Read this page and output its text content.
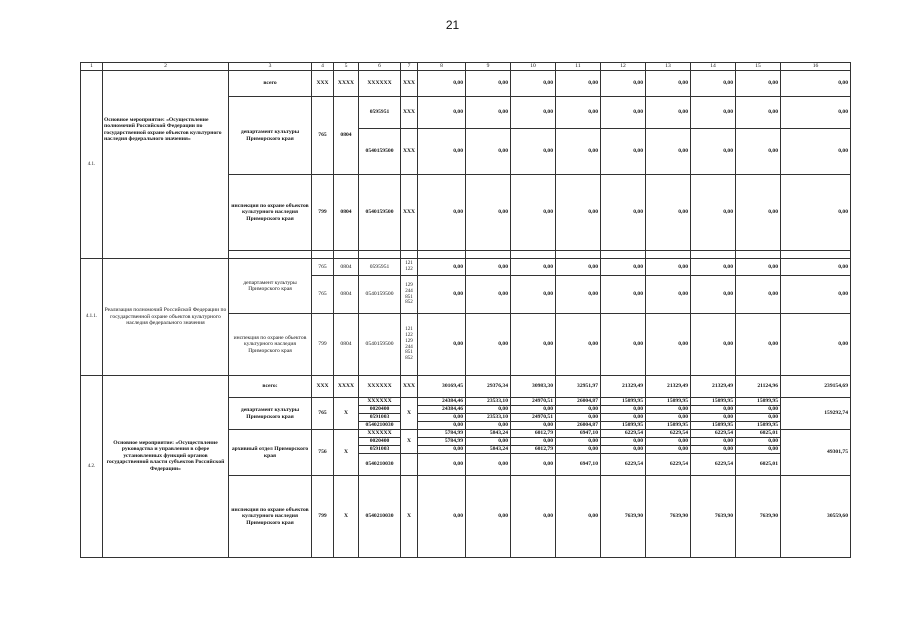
21
1	2	3	4	5	6	7	8	9	10	11	12	13	14	15	16
4.1.	Основное мероприятие: «Осуществление полномочий Российской Федерации по государственной охране объектов культурного наследия федерального значения»	всего	XXX	XXXX	XXXXXX	XXX	0,00	0,00	0,00	0,00	0,00	0,00	0,00	0,00	0,00
		департамент культуры Приморского края	765	0804	0595951	XXX	0,00	0,00	0,00	0,00	0,00	0,00	0,00	0,00	0,00
					0540159500	XXX	0,00	0,00	0,00	0,00	0,00	0,00	0,00	0,00	0,00
		инспекция по охране объектов культурного наследия Приморского края	799	0804	0540159500	XXX	0,00	0,00	0,00	0,00	0,00	0,00	0,00	0,00	0,00

4.1.1.	Реализация полномочий Российской Федерации по государственной охране объектов культурного наследия федерального значения	департамент культуры Приморского края	765	0804	0595951	121 122	0,00	0,00	0,00	0,00	0,00	0,00	0,00	0,00	0,00
			765	0804	0540159500	129 244 851 852	0,00	0,00	0,00	0,00	0,00	0,00	0,00	0,00	0,00
		инспекция по охране объектов культурного наследия Приморского края	799	0804	0540159500	121 122 129 244 851 852	0,00	0,00	0,00	0,00	0,00	0,00	0,00	0,00	0,00
4.2.	Основное мероприятие: «Осуществление руководства и управления в сфере установленных функций органов государственной власти субъектов Российской Федерации»	всего:	XXX	XXXX	XXXXXX	XXX	30169,45	29376,34	30983,30	32951,97	21329,49	21329,49	21329,49	21124,96	239154,69
		департамент культуры Приморского края	765	X	XXXXXX	X	24384,46	23533,10	24970,51	26004,87	15099,95	15099,95	15099,95	15099,95	159292,74
					0020400		24384,46	0,00	0,00	0,00	0,00	0,00	0,00	0,00	
					0591003		0,00	23533,10	24970,51	0,00	0,00	0,00	0,00	0,00	
					0540210030		0,00	0,00	0,00	26004,87	15099,95	15099,95	15099,95	15099,95	
		архивный отдел Приморского края	756	X	XXXXXX	X	5784,99	5843,24	6012,79	6947,10	6229,54	6229,54	6229,54	6025,01	49301,75
					0020400		5784,99	0,00	0,00	0,00	0,00	0,00	0,00	0,00	
					0591003		0,00	5843,24	6012,79	0,00	0,00	0,00	0,00	0,00	
					0540210030		0,00	0,00	0,00	6947,10	6229,54	6229,54	6229,54	6025,01	
		инспекция по охране объектов культурного наследия Приморского края	799	X	0540210030	X	0,00	0,00	0,00	0,00	7639,90	7639,90	7639,90	7639,90	30559,60
